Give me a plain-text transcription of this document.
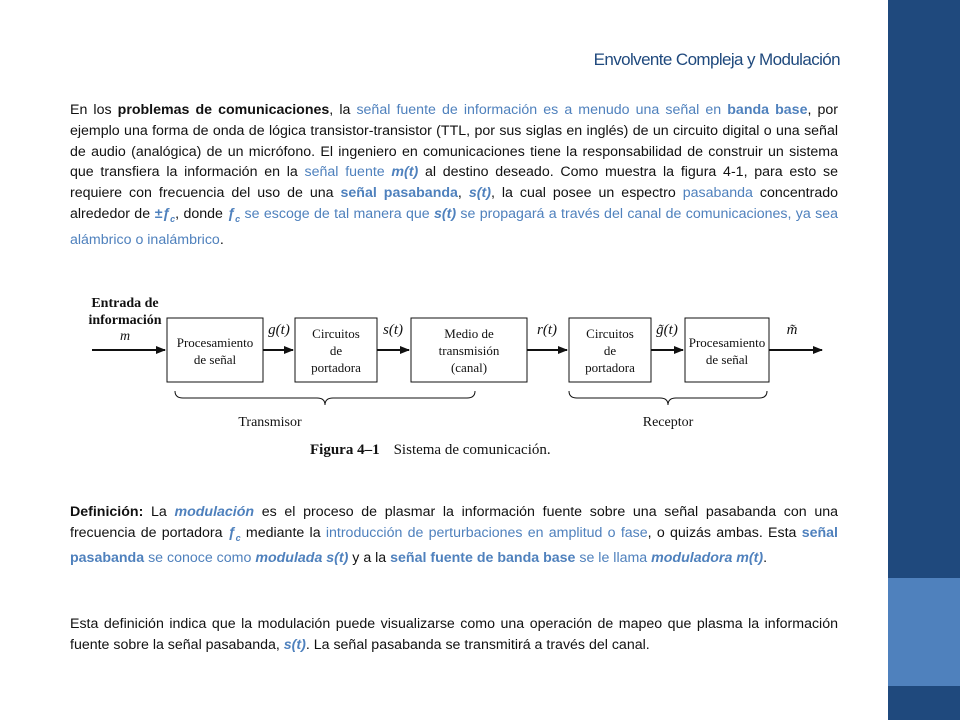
Envolvente Compleja y Modulación

En los problemas de comunicaciones, la señal fuente de información es a menudo una señal en banda base, por ejemplo una forma de onda de lógica transistor-transistor (TTL, por sus siglas en inglés) de un circuito digital o una señal de audio (analógica) de un micrófono. El ingeniero en comunicaciones tiene la responsabilidad de construir un sistema que transfiera la información en la señal fuente m(t) al destino deseado. Como muestra la figura 4-1, para esto se requiere con frecuencia del uso de una señal pasabanda, s(t), la cual posee un espectro pasabanda concentrado alrededor de $\pm ƒ_c$, donde $ƒ_c$ se escoge de tal manera que s(t) se propagará a través del canal de comunicaciones, ya sea alámbrico o inalámbrico.

Entrada de
información
m	g(t)	s(t)	r(t)	g̃(t)	m̃
Procesamiento
de señal
Circuitos
de
portadora
Medio de
transmisión
(canal)
Circuitos
de
portadora
Procesamiento
de señal
Transmisor	Receptor
Figura 4–1 Sistema de comunicación.

Definición: La modulación es el proceso de plasmar la información fuente sobre una señal pasabanda con una frecuencia de portadora $ƒ_c$ mediante la introducción de perturbaciones en amplitud o fase, o quizás ambas. Esta señal pasabanda se conoce como modulada s(t) y a la señal fuente de banda base se le llama moduladora m(t).

Esta definición indica que la modulación puede visualizarse como una operación de mapeo que plasma la información fuente sobre la señal pasabanda, s(t). La señal pasabanda se transmitirá a través del canal.
